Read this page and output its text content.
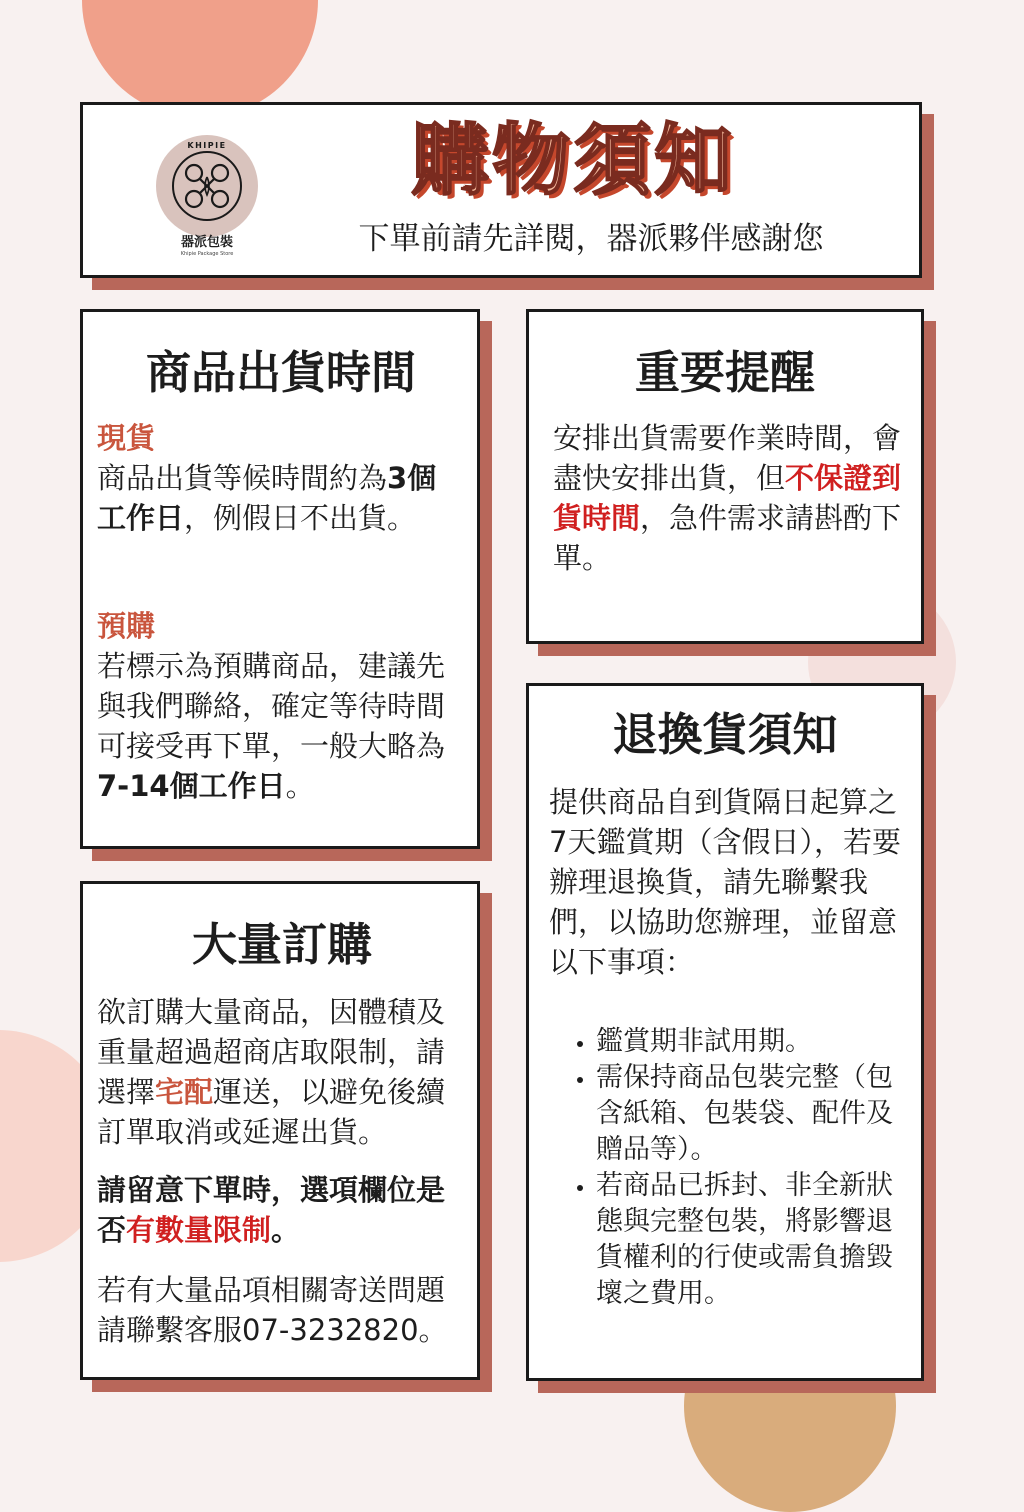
KHIPIE
器派包裝
Khipie Package Store
購物須知
下單前請先詳閱，器派夥伴感謝您
商品出貨時間

現貨

商品出貨等候時間約為3個工作日，例假日不出貨。

預購

若標示為預購商品，建議先與我們聯絡，確定等待時間可接受再下單，一般大略為7-14個工作日。

重要提醒

安排出貨需要作業時間，會盡快安排出貨，但不保證到貨時間，急件需求請斟酌下單。

大量訂購

欲訂購大量商品，因體積及重量超過超商店取限制，請選擇宅配運送，以避免後續訂單取消或延遲出貨。

請留意下單時，選項欄位是否有數量限制。

若有大量品項相關寄送問題請聯繫客服07-3232820。

退換貨須知

提供商品自到貨隔日起算之7天鑑賞期（含假日），若要辦理退換貨，請先聯繫我們，以協助您辦理，並留意以下事項：

• 鑑賞期非試用期。
• 需保持商品包裝完整（包含紙箱、包裝袋、配件及贈品等）。
• 若商品已拆封、非全新狀態與完整包裝，將影響退貨權利的行使或需負擔毀壞之費用。
